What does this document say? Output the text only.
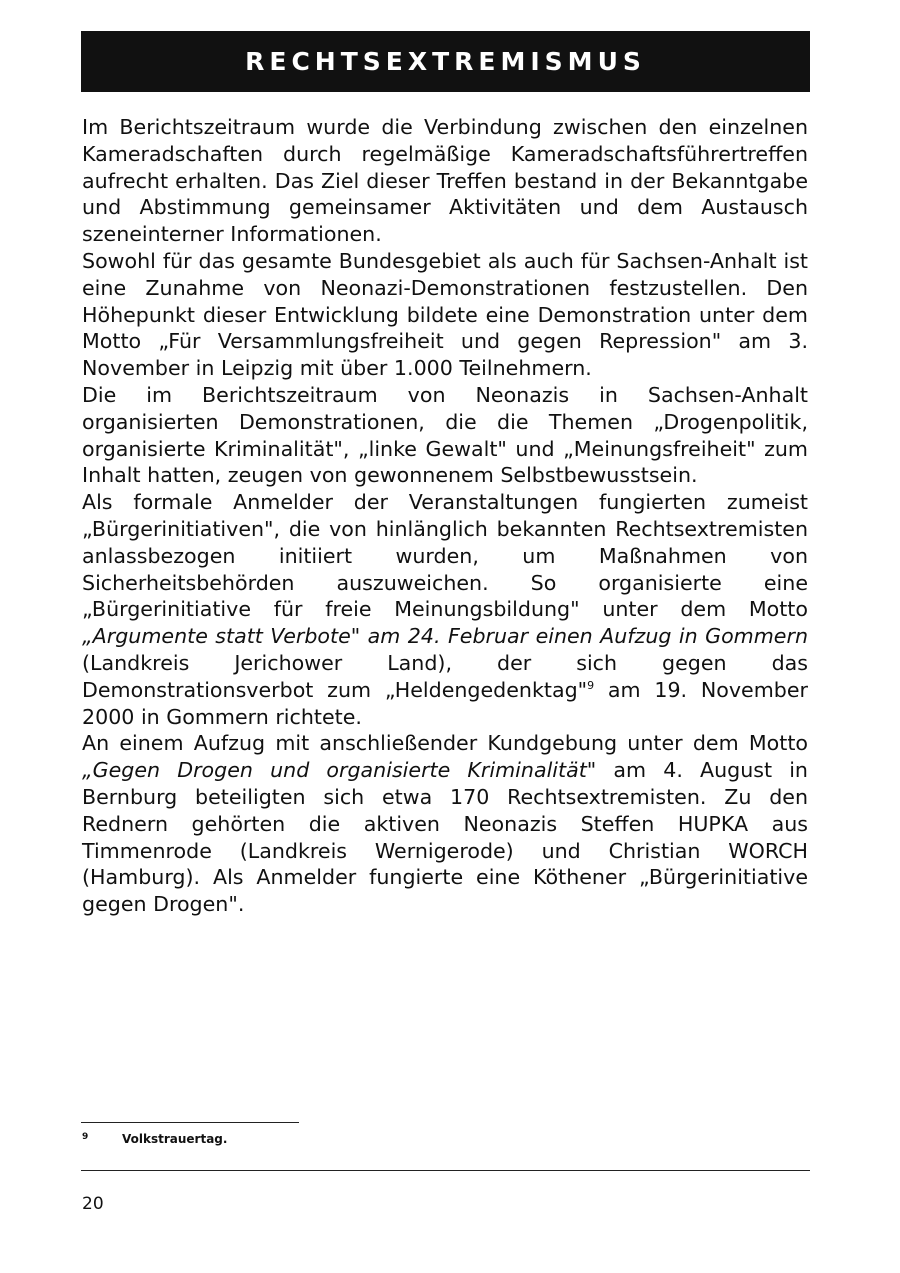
RECHTSEXTREMISMUS

Im Berichtszeitraum wurde die Verbindung zwischen den einzelnen Kameradschaften durch regelmäßige Kameradschaftsführertreffen aufrecht erhalten. Das Ziel dieser Treffen bestand in der Bekanntgabe und Abstimmung gemeinsamer Aktivitäten und dem Austausch szeneinterner Informationen.

Sowohl für das gesamte Bundesgebiet als auch für Sachsen-Anhalt ist eine Zunahme von Neonazi-Demonstrationen festzustellen. Den Höhepunkt dieser Entwicklung bildete eine Demonstration unter dem Motto „Für Versammlungsfreiheit und gegen Repression" am 3. November in Leipzig mit über 1.000 Teilnehmern.

Die im Berichtszeitraum von Neonazis in Sachsen-Anhalt organisierten Demonstrationen, die die Themen „Drogenpolitik, organisierte Kriminalität", „linke Gewalt" und „Meinungsfreiheit" zum Inhalt hatten, zeugen von gewonnenem Selbstbewusstsein.

Als formale Anmelder der Veranstaltungen fungierten zumeist „Bürgerinitiativen", die von hinlänglich bekannten Rechtsextremisten anlassbezogen initiiert wurden, um Maßnahmen von Sicherheitsbehörden auszuweichen. So organisierte eine „Bürgerinitiative für freie Meinungsbildung" unter dem Motto „Argumente statt Verbote" am 24. Februar einen Aufzug in Gommern (Landkreis Jerichower Land), der sich gegen das Demonstrationsverbot zum „Heldengedenktag"$^9$ am 19. November 2000 in Gommern richtete.

An einem Aufzug mit anschließender Kundgebung unter dem Motto „Gegen Drogen und organisierte Kriminalität" am 4. August in Bernburg beteiligten sich etwa 170 Rechtsextremisten. Zu den Rednern gehörten die aktiven Neonazis Steffen HUPKA aus Timmenrode (Landkreis Wernigerode) und Christian WORCH (Hamburg). Als Anmelder fungierte eine Köthener „Bürgerinitiative gegen Drogen".

9	Volkstrauertag.
20
